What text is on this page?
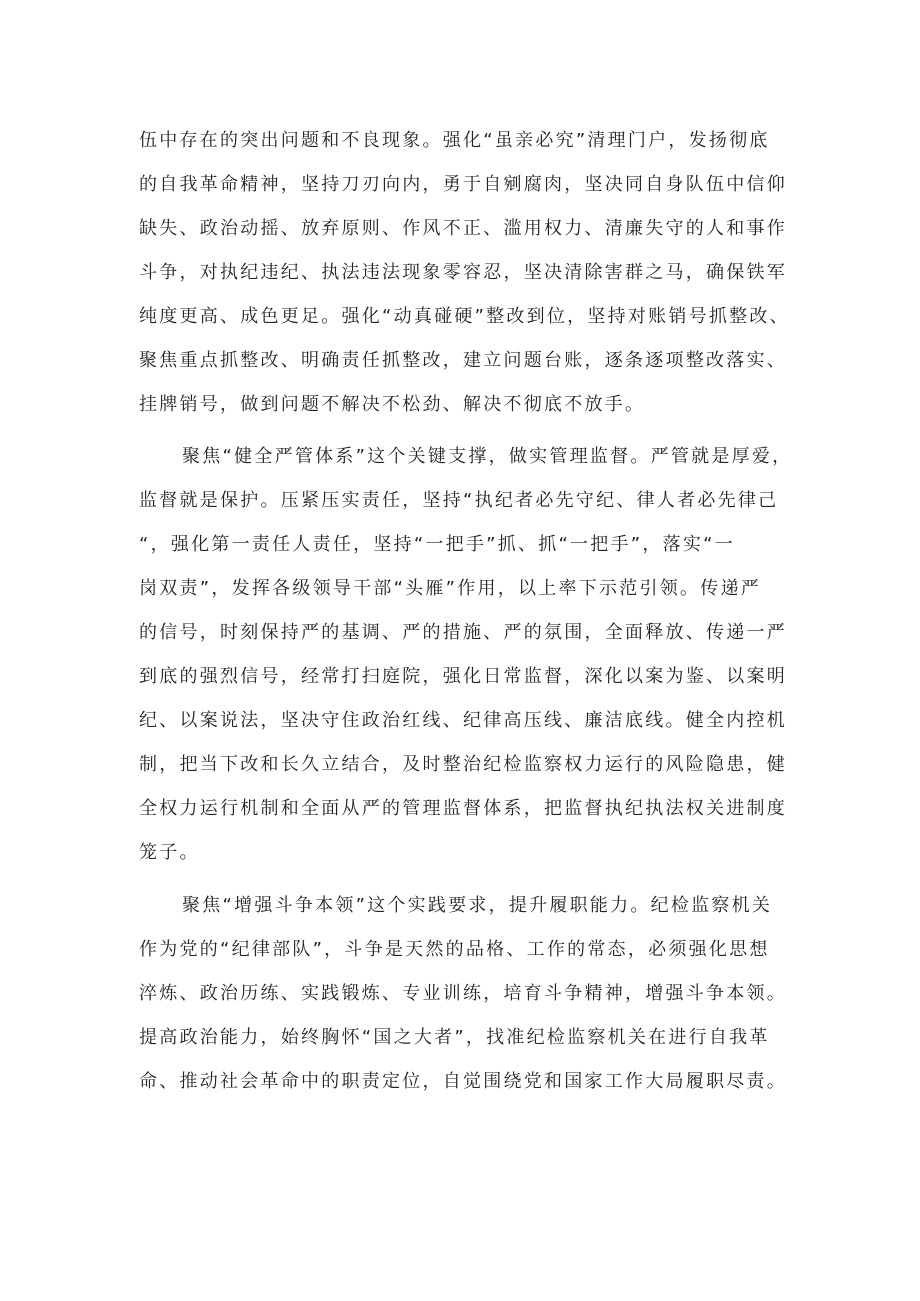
伍中存在的突出问题和不良现象。强化“虽亲必究”清理门户，发扬彻底
的自我革命精神，坚持刀刃向内，勇于自剜腐肉，坚决同自身队伍中信仰
缺失、政治动摇、放弃原则、作风不正、滥用权力、清廉失守的人和事作
斗争，对执纪违纪、执法违法现象零容忍，坚决清除害群之马，确保铁军
纯度更高、成色更足。强化“动真碰硬”整改到位，坚持对账销号抓整改、
聚焦重点抓整改、明确责任抓整改，建立问题台账，逐条逐项整改落实、
挂牌销号，做到问题不解决不松劲、解决不彻底不放手。
聚焦“健全严管体系”这个关键支撑，做实管理监督。严管就是厚爱，
监督就是保护。压紧压实责任，坚持“执纪者必先守纪、律人者必先律己
“，强化第一责任人责任，坚持“一把手”抓、抓“一把手”，落实“一
岗双责”，发挥各级领导干部“头雁”作用，以上率下示范引领。传递严
的信号，时刻保持严的基调、严的措施、严的氛围，全面释放、传递一严
到底的强烈信号，经常打扫庭院，强化日常监督，深化以案为鉴、以案明
纪、以案说法，坚决守住政治红线、纪律高压线、廉洁底线。健全内控机
制，把当下改和长久立结合，及时整治纪检监察权力运行的风险隐患，健
全权力运行机制和全面从严的管理监督体系，把监督执纪执法权关进制度
笼子。
聚焦“增强斗争本领”这个实践要求，提升履职能力。纪检监察机关
作为党的“纪律部队”，斗争是天然的品格、工作的常态，必须强化思想
淬炼、政治历练、实践锻炼、专业训练，培育斗争精神，增强斗争本领。
提高政治能力，始终胸怀“国之大者”，找准纪检监察机关在进行自我革
命、推动社会革命中的职责定位，自觉围绕党和国家工作大局履职尽责。
